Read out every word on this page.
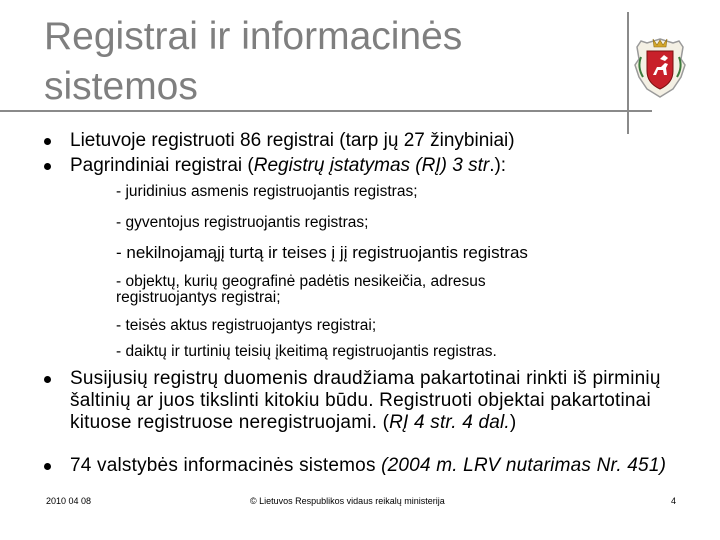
Registrai ir informacinės sistemos
Lietuvoje registruoti 86 registrai (tarp jų 27 žinybiniai)
Pagrindiniai registrai (Registrų įstatymas (RĮ) 3 str.):
- juridinius asmenis registruojantis registras;
- gyventojus registruojantis registras;
- nekilnojamąjį turtą ir teises į jį registruojantis registras
- objektų, kurių geografinė padėtis nesikeičia, adresus
registruojantys registrai;
- teisės aktus registruojantys registrai;
- daiktų ir turtinių teisių įkeitimą registruojantis registras.
Susijusių registrų duomenis draudžiama pakartotinai rinkti iš pirminių šaltinių ar juos tikslinti kitokiu būdu. Registruoti objektai pakartotinai kituose registruose neregistruojami. (RĮ 4 str. 4 dal.)
74 valstybės informacinės sistemos (2004 m. LRV nutarimas Nr. 451)
2010 04 08	© Lietuvos Respublikos vidaus reikalų ministerija	4
